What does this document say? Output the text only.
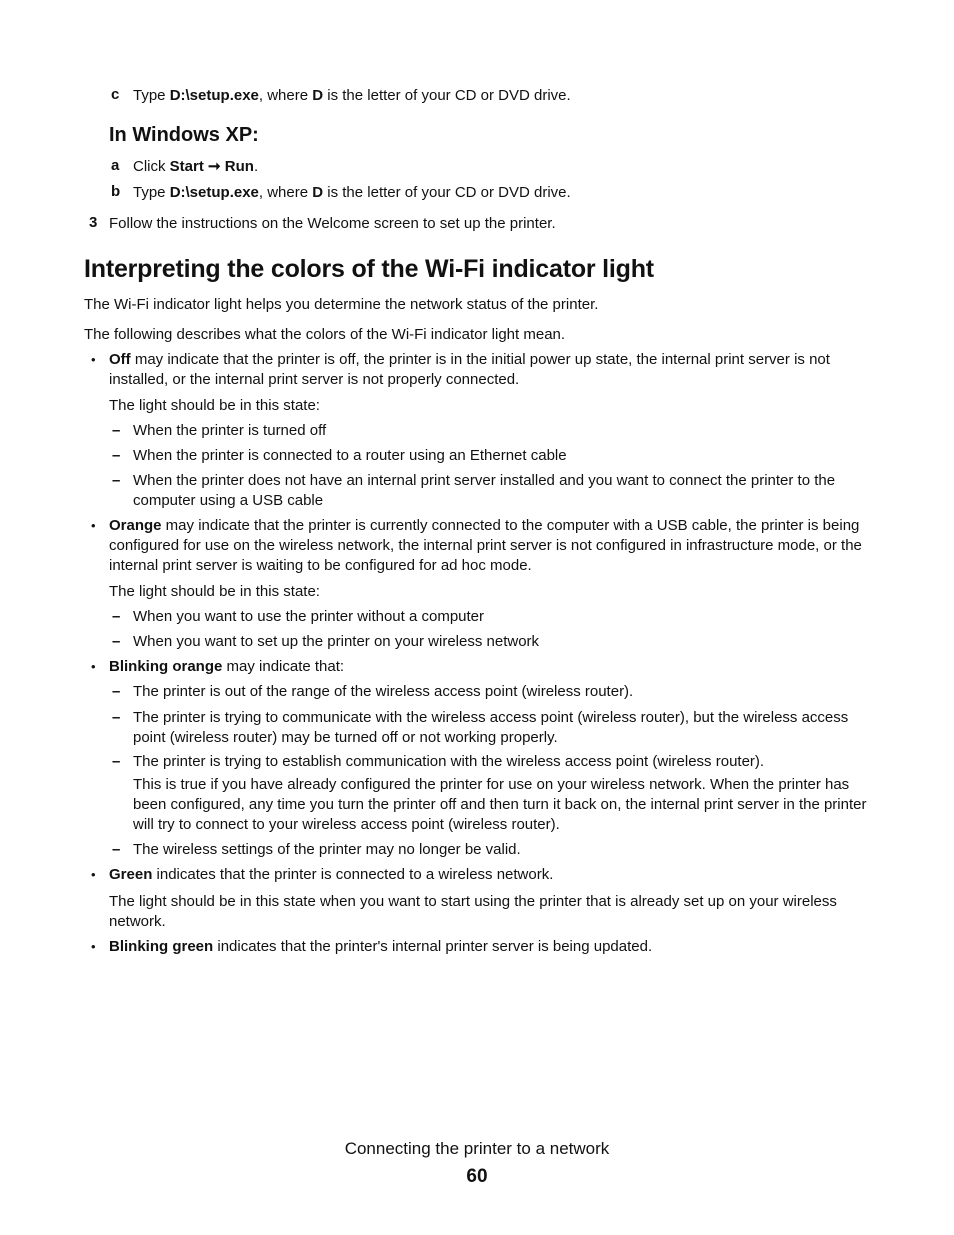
c Type D:\setup.exe, where D is the letter of your CD or DVD drive.
In Windows XP:
a Click Start ➞ Run.
b Type D:\setup.exe, where D is the letter of your CD or DVD drive.
3 Follow the instructions on the Welcome screen to set up the printer.
Interpreting the colors of the Wi-Fi indicator light
The Wi-Fi indicator light helps you determine the network status of the printer.
The following describes what the colors of the Wi-Fi indicator light mean.
• Off may indicate that the printer is off, the printer is in the initial power up state, the internal print server is not installed, or the internal print server is not properly connected.
The light should be in this state:
– When the printer is turned off
– When the printer is connected to a router using an Ethernet cable
– When the printer does not have an internal print server installed and you want to connect the printer to the computer using a USB cable
• Orange may indicate that the printer is currently connected to the computer with a USB cable, the printer is being configured for use on the wireless network, the internal print server is not configured in infrastructure mode, or the internal print server is waiting to be configured for ad hoc mode.
The light should be in this state:
– When you want to use the printer without a computer
– When you want to set up the printer on your wireless network
• Blinking orange may indicate that:
– The printer is out of the range of the wireless access point (wireless router).
– The printer is trying to communicate with the wireless access point (wireless router), but the wireless access point (wireless router) may be turned off or not working properly.
– The printer is trying to establish communication with the wireless access point (wireless router).
This is true if you have already configured the printer for use on your wireless network. When the printer has been configured, any time you turn the printer off and then turn it back on, the internal print server in the printer will try to connect to your wireless access point (wireless router).
– The wireless settings of the printer may no longer be valid.
• Green indicates that the printer is connected to a wireless network.
The light should be in this state when you want to start using the printer that is already set up on your wireless network.
• Blinking green indicates that the printer's internal printer server is being updated.
Connecting the printer to a network
60
